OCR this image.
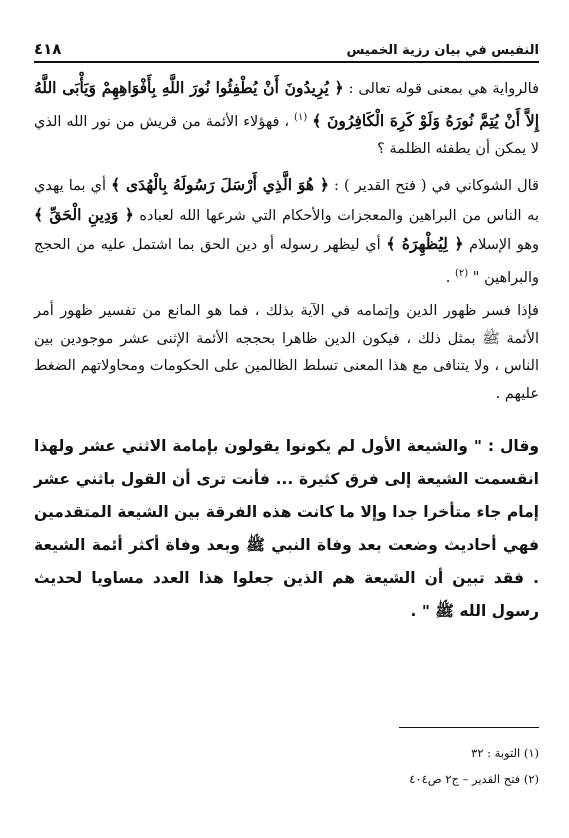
٤١٨	النفيس في بيان رزية الخميس

فالرواية هي بمعنى قوله تعالى : ﴿ يُرِيدُونَ أَنْ يُطْفِئُوا نُورَ اللَّهِ بِأَفْوَاهِهِمْ وَيَأْبَى اللَّهُ إِلاَّ أَنْ يُتِمَّ نُورَهُ وَلَوْ كَرِهَ الْكَافِرُونَ ﴾ $^{(١)}$ ، فهؤلاء الأئمة من قريش من نور الله الذي لا يمكن أن يطفئه الظلمة ؟

قال الشوكاني في ( فتح القدير ) : ﴿ هُوَ الَّذِي أَرْسَلَ رَسُولَهُ بِالْهُدَى ﴾ أي بما يهدي به الناس من البراهين والمعجزات والأحكام التي شرعها الله لعباده ﴿ وَدِينِ الْحَقِّ ﴾ وهو الإسلام ﴿ لِيُظْهِرَهُ ﴾ أي ليظهر رسوله أو دين الحق بما اشتمل عليه من الحجج والبراهين " $^{(٢)}$ .

فإذا فسر ظهور الدين وإتمامه في الآية بذلك ، فما هو المانع من تفسير ظهور أمر الأئمة ﷺ بمثل ذلك ، فيكون الدين ظاهرا بحججه الأئمة الإثنى عشر موجودين بين الناس ، ولا يتنافى مع هذا المعنى تسلط الظالمين على الحكومات ومحاولاتهم الضغط عليهم .

وقال : " والشيعة الأول لم يكونوا يقولون بإمامة الاثني عشر ولهذا انقسمت الشيعة إلى فرق كثيرة ... فأنت ترى أن القول باثني عشر إمام جاء متأخرا جدا وإلا ما كانت هذه الفرقة بين الشيعة المتقدمين فهي أحاديث وضعت بعد وفاة النبي ﷺ وبعد وفاة أكثر أئمة الشيعة . فقد تبين أن الشيعة هم الذين جعلوا هذا العدد مساويا لحديث رسول الله ﷺ " .

(١) التوبة : ٣٢
(٢) فتح القدير – ج٢ ص٤٠٤
